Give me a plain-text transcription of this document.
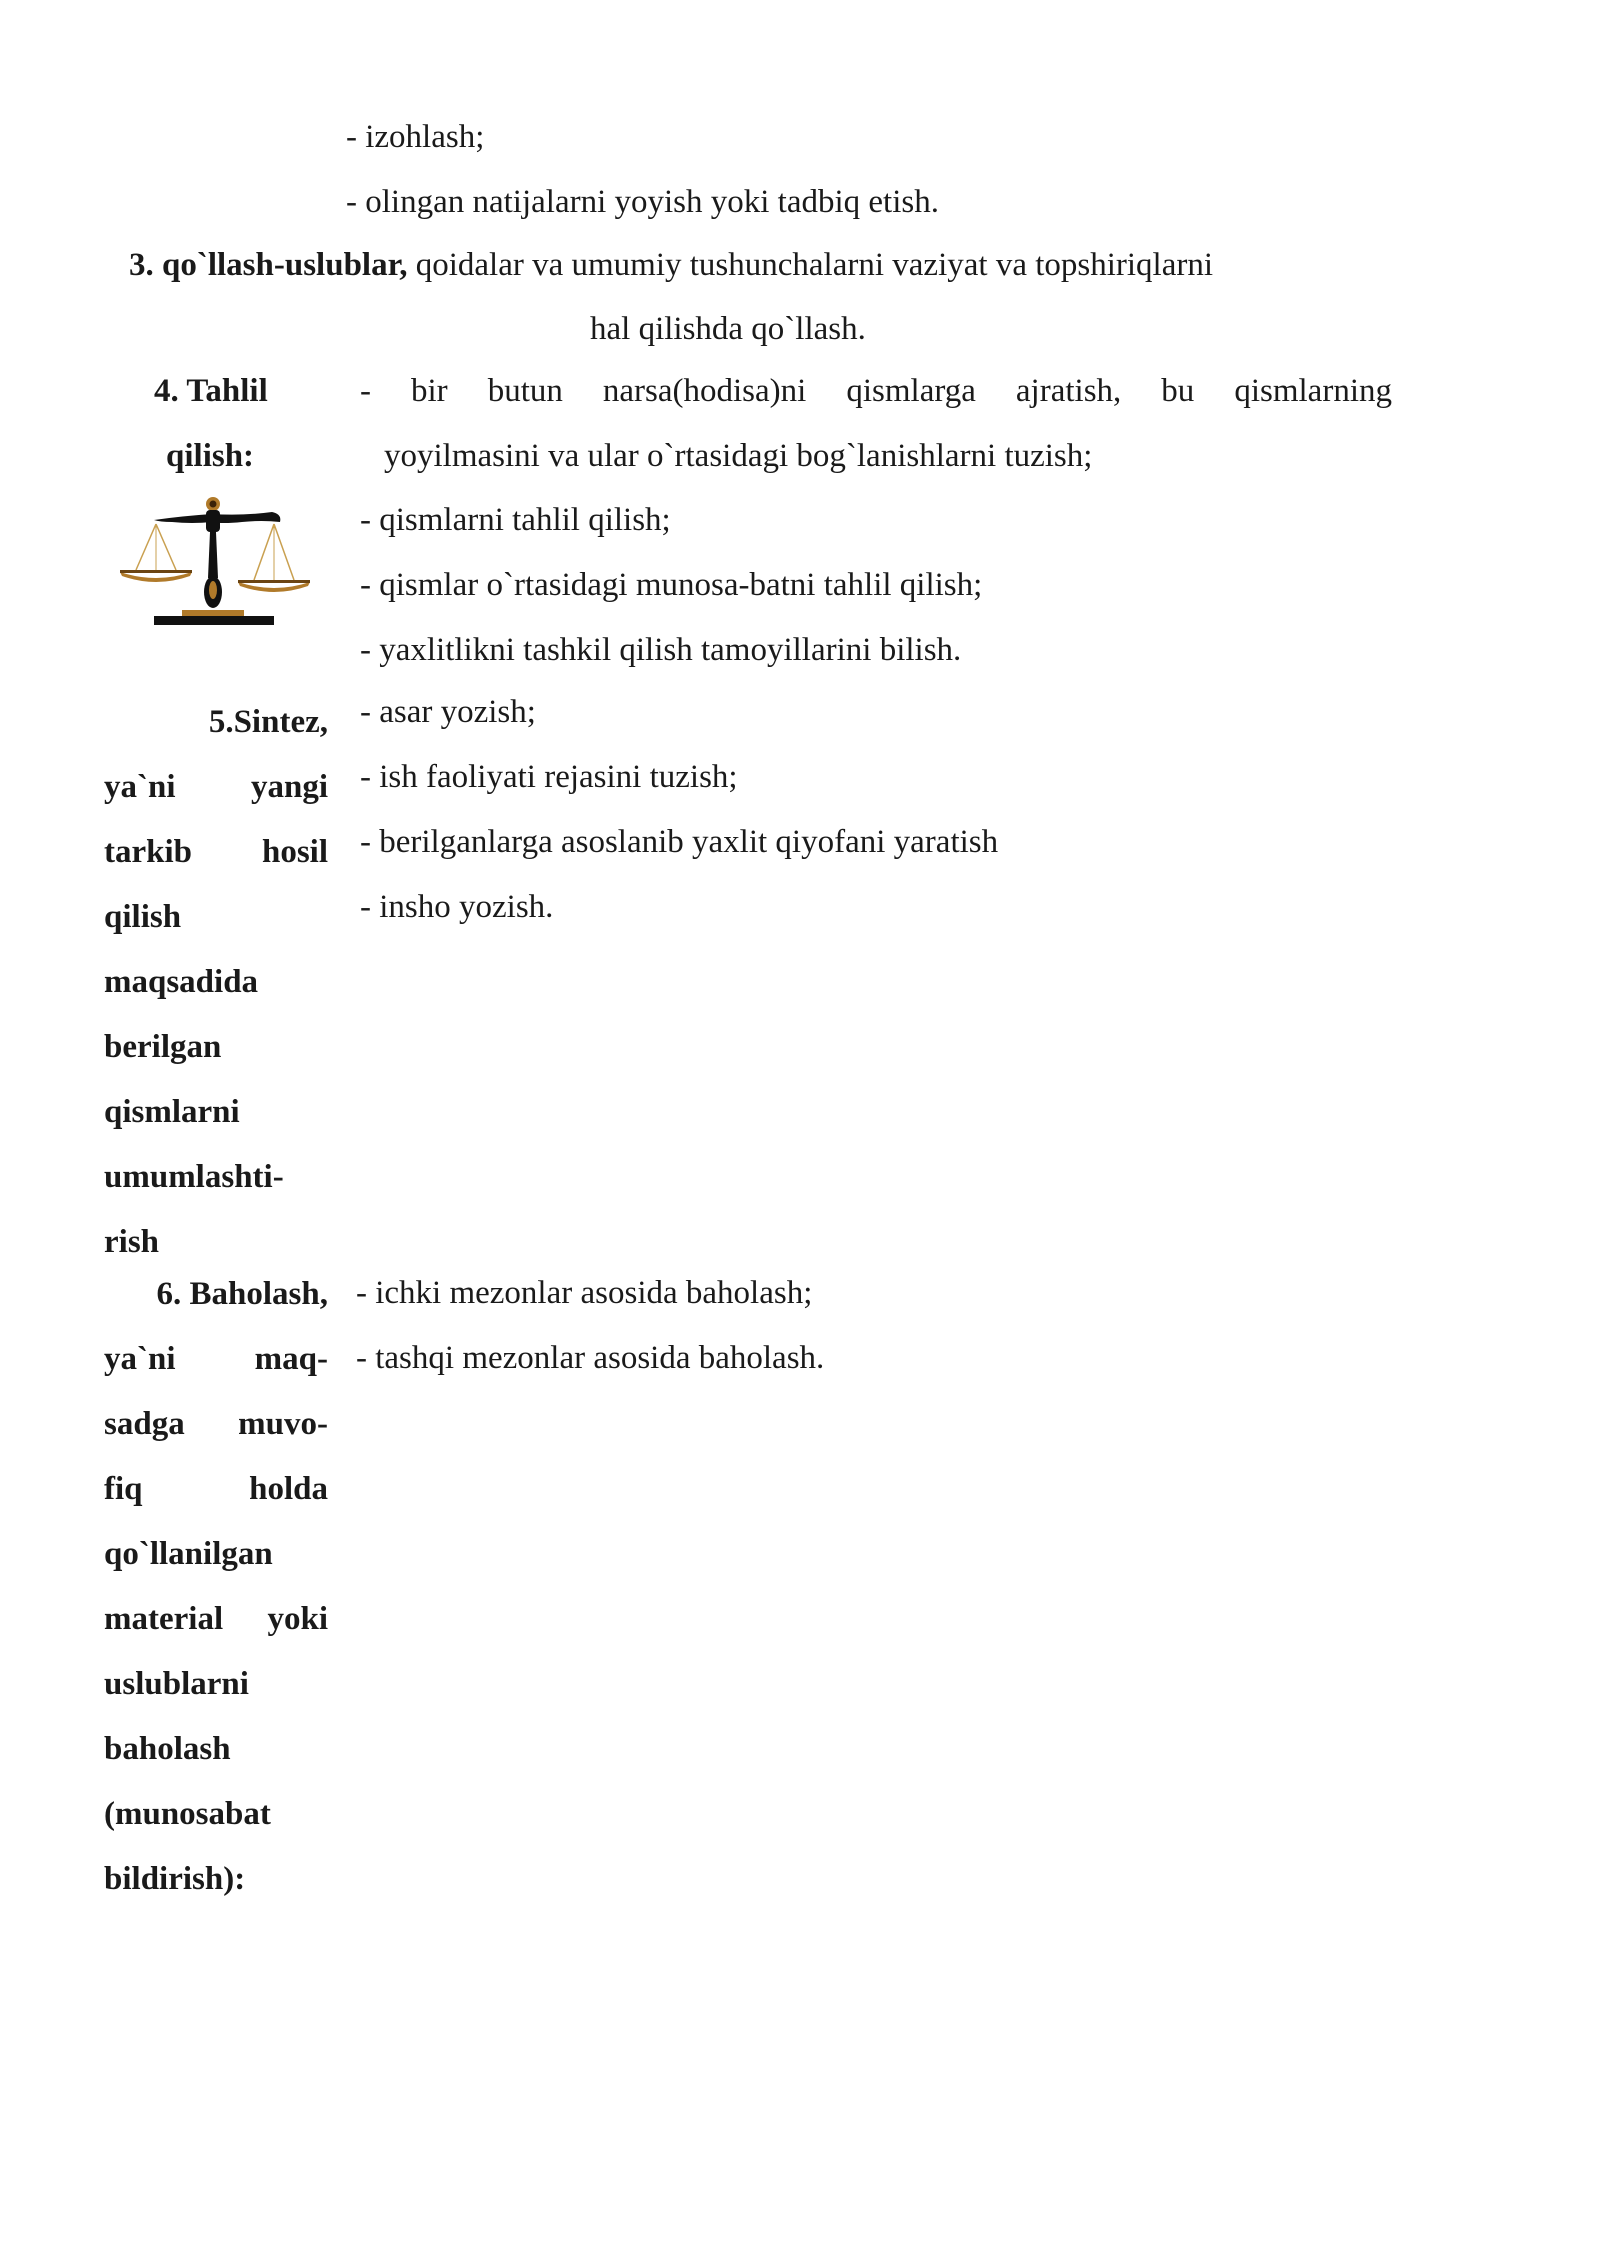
- izohlash;
- olingan natijalarni yoyish yoki tadbiq etish.
3. qo`llash-uslublar, qoidalar va umumiy tushunchalarni vaziyat va topshiriqlarni
hal qilishda qo`llash.
4. Tahlil
qilish:
- bir butun narsa(hodisa)ni qismlarga ajratish, bu qismlarning
yoyilmasini va ular o`rtasidagi bog`lanishlarni tuzish;
- qismlarni tahlil qilish;
- qismlar o`rtasidagi munosa-batni tahlil qilish;
- yaxlitlikni tashkil qilish tamoyillarini bilish.
5.Sintez,
ya`ni yangi
tarkib hosil
qilish
maqsadida
berilgan
qismlarni
umumlashti-
rish
- asar yozish;
- ish faoliyati rejasini tuzish;
- berilganlarga asoslanib yaxlit qiyofani yaratish
- insho yozish.
6. Baholash,
ya`ni maq-
sadga muvo-
fiq holda
qo`llanilgan
material yoki
uslublarni
baholash
(munosabat
bildirish):
- ichki mezonlar asosida baholash;
- tashqi mezonlar asosida baholash.
